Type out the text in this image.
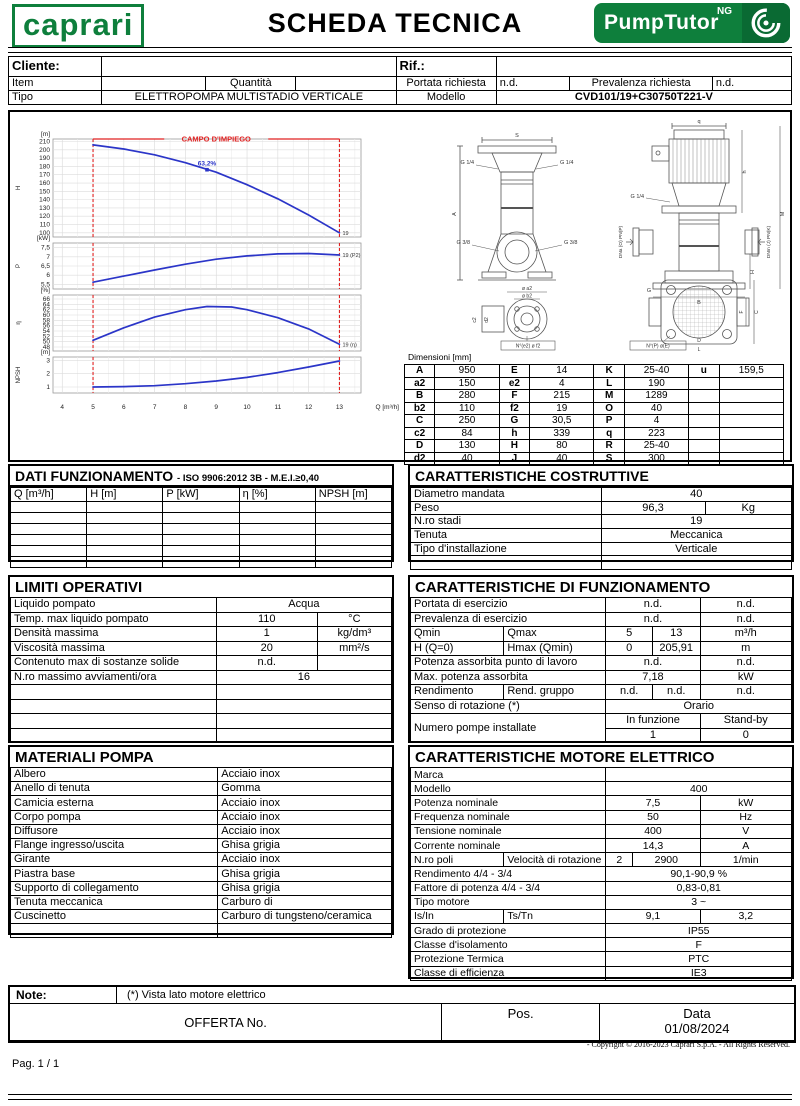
caprari	SCHEDA TECNICA	PumpTutor
NG
Cliente:				Rif.:			
Item		Quantità		Portata richiesta	n.d.	Prevalenza richiesta	n.d.
Tipo	ELETTROPOMPA MULTISTADIO VERTICALE			Modello	CVD101/19+C30750T221-V		
100
110
120
130
140
150
160
170
180
190
200
210
[m]
H
19
CAMPO D'IMPIEGO
63,2%
5,5
6
6,5
7
7,5
[kW]
P
19 (P2)
48
50
52
54
56
58
60
62
64
66
[%]
η
19 (η)
1
2
3
[m]
NPSH
4	5	6	7	8	9	10	11	12	13	Q [m³/h]
S
q
A	M
h
B
H
G
G 1/4	G 1/4
G 1/4
G 3/8	G 3/8	DNa (O) PN(P)	DNm (J) PN(K)
ø a2
ø b2
c2 d2
N°(e2) ø f2	N°(P) ø(E)
D
L
C
F
Dimensioni [mm]
A	950	E	14	K	25-40	u	159,5
a2	150	e2	4	L	190		
B	280	F	215	M	1289		
b2	110	f2	19	O	40		
C	250	G	30,5	P	4		
c2	84	h	339	q	223		
D	130	H	80	R	25-40		
d2	40	J	40	S	300		
DATI FUNZIONAMENTO - ISO 9906:2012 3B - M.E.I.≥0,40
Q [m³/h]	H [m]	P [kW]	η [%]	NPSH [m]

CARATTERISTICHE COSTRUTTIVE
Diametro mandata	40	
Peso	96,3	Kg
N.ro stadi	19	
Tenuta	Meccanica	
Tipo d'installazione	Verticale	

LIMITI OPERATIVI
Liquido pompato	Acqua	
Temp. max liquido pompato	110	°C
Densità massima	1	kg/dm³
Viscosità massima	20	mm²/s
Contenuto max di sostanze solide	n.d.	
N.ro massimo avviamenti/ora	16	

CARATTERISTICHE DI FUNZIONAMENTO
Portata di esercizio		n.d.		n.d.
Prevalenza di esercizio		n.d.		n.d.
Qmin	Qmax	5	13	m³/h
H (Q=0)	Hmax (Qmin)	0	205,91	m
Potenza assorbita punto di lavoro		n.d.		n.d.
Max. potenza assorbita		7,18		kW
Rendimento	Rend. gruppo	n.d.	n.d.	n.d.
Senso di rotazione (*)		Orario		
Numero pompe installate		In funzione		Stand-by
		1		0
MATERIALI POMPA
Albero	Acciaio inox
Anello di tenuta	Gomma
Camicia esterna	Acciaio inox
Corpo pompa	Acciaio inox
Diffusore	Acciaio inox
Flange ingresso/uscita	Ghisa grigia
Girante	Acciaio inox
Piastra base	Ghisa grigia
Supporto di collegamento	Ghisa grigia
Tenuta meccanica	Carburo di
Cuscinetto	Carburo di tungsteno/ceramica

CARATTERISTICHE MOTORE ELETTRICO
Marca				
Modello		400		
Potenza nominale		7,5		kW
Frequenza nominale		50		Hz
Tensione nominale		400		V
Corrente nominale		14,3		A
N.ro poli	Velocità di rotazione	2	2900	1/min
Rendimento 4/4 - 3/4		90,1-90,9 %		
Fattore di potenza 4/4 - 3/4		0,83-0,81		
Tipo motore		3 ~		
Is/In	Ts/Tn	9,1		3,2
Grado di protezione		IP55		
Classe d'isolamento		F		
Protezione Termica		PTC		
Classe di efficienza		IE3		
Note:	(*) Vista lato motore elettrico
OFFERTA No.
Pos.	Data
01/08/2024
- Copyright © 2016-2023 Caprari S.p.A. - All Rights Reserved.
Pag. 1 / 1
